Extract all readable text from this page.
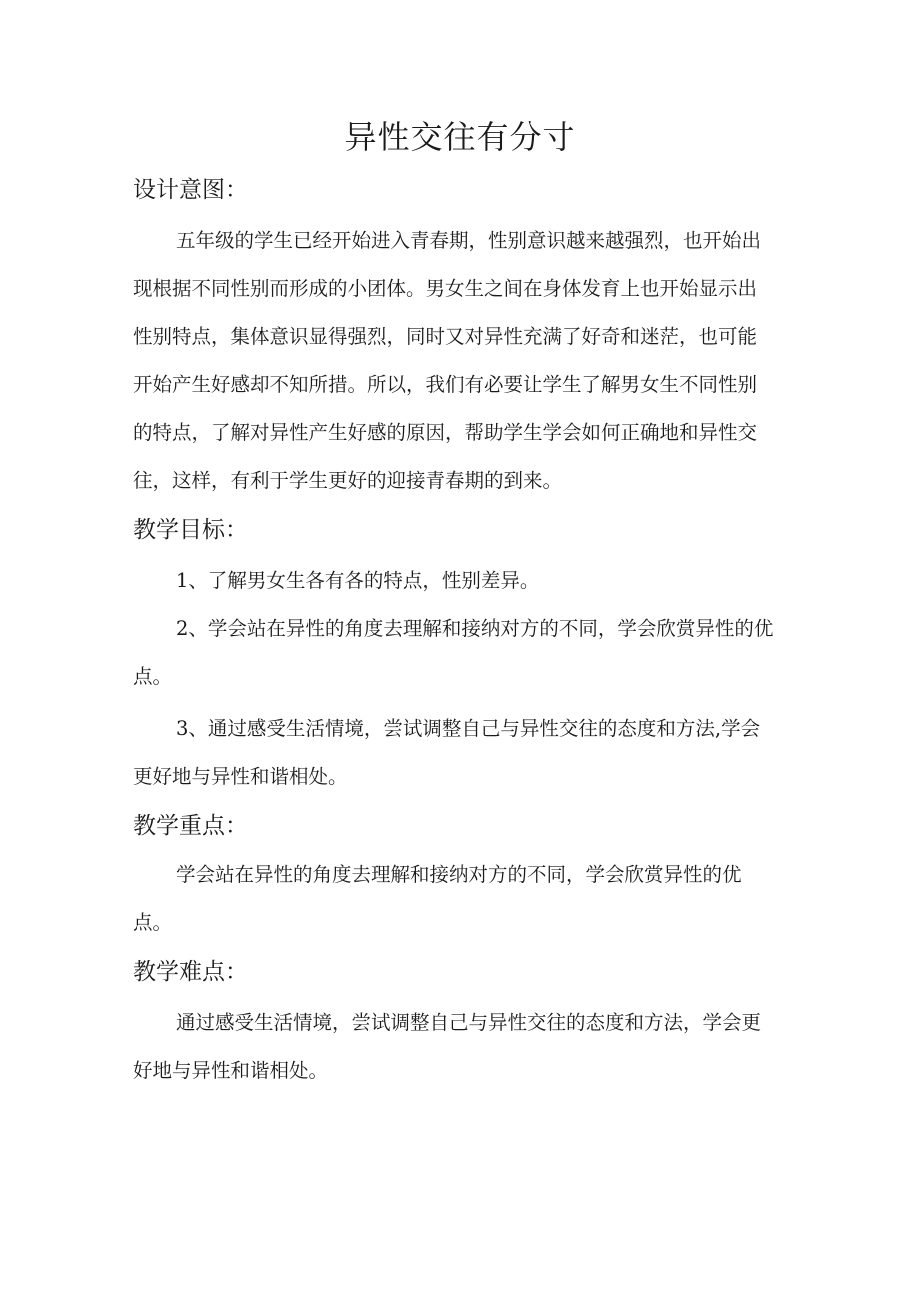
异性交往有分寸
设计意图：

五年级的学生已经开始进入青春期，性别意识越来越强烈，也开始出

现根据不同性别而形成的小团体。男女生之间在身体发育上也开始显示出

性别特点，集体意识显得强烈，同时又对异性充满了好奇和迷茫，也可能

开始产生好感却不知所措。所以，我们有必要让学生了解男女生不同性别

的特点，了解对异性产生好感的原因，帮助学生学会如何正确地和异性交

往，这样，有利于学生更好的迎接青春期的到来。

教学目标：

1、了解男女生各有各的特点，性别差异。

2、学会站在异性的角度去理解和接纳对方的不同，学会欣赏异性的优

点。

3、通过感受生活情境，尝试调整自己与异性交往的态度和方法,学会

更好地与异性和谐相处。

教学重点：

学会站在异性的角度去理解和接纳对方的不同，学会欣赏异性的优

点。

教学难点：

通过感受生活情境，尝试调整自己与异性交往的态度和方法，学会更

好地与异性和谐相处。
